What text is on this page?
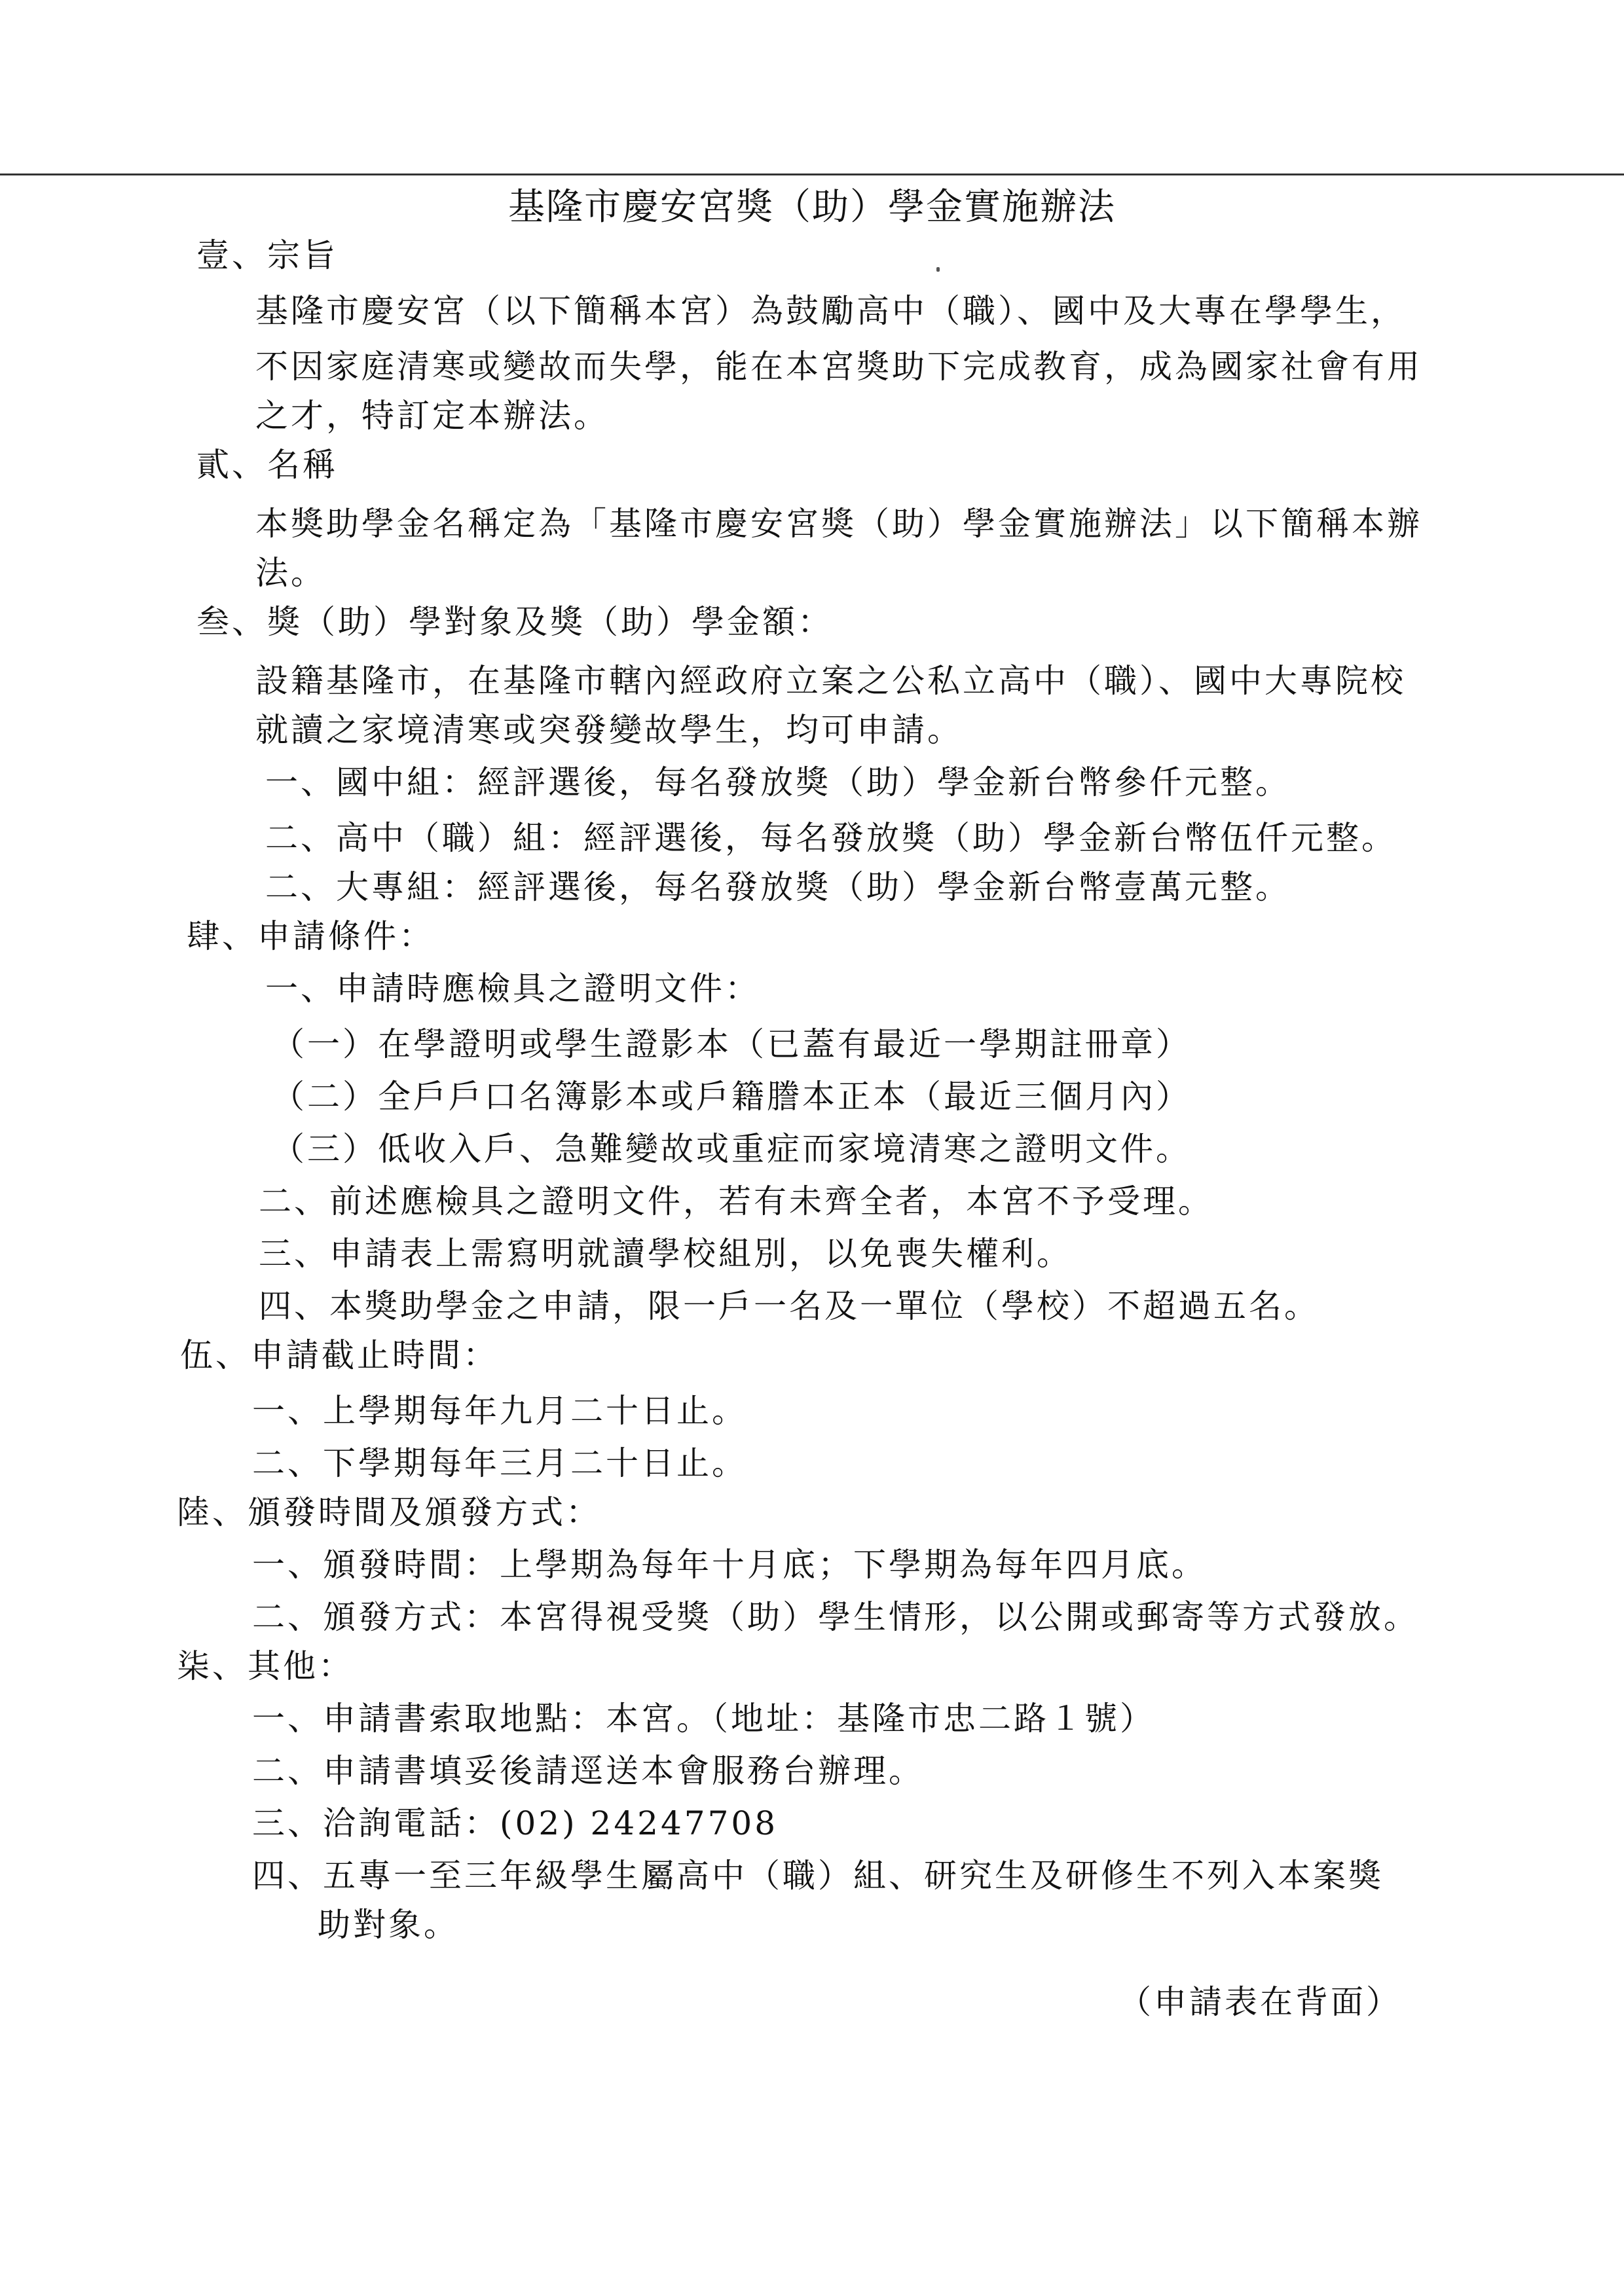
基隆市慶安宮獎（助）學金實施辦法
壹、宗旨
基隆市慶安宮（以下簡稱本宮）為鼓勵高中（職）、國中及大專在學學生，
不因家庭清寒或變故而失學，能在本宮獎助下完成教育，成為國家社會有用
之才，特訂定本辦法。
貳、名稱
本獎助學金名稱定為「基隆市慶安宮獎（助）學金實施辦法」以下簡稱本辦
法。
叁、獎（助）學對象及獎（助）學金額：
設籍基隆市，在基隆市轄內經政府立案之公私立高中（職）、國中大專院校
就讀之家境清寒或突發變故學生，均可申請。
一、國中組：經評選後，每名發放獎（助）學金新台幣參仟元整。
二、高中（職）組：經評選後，每名發放獎（助）學金新台幣伍仟元整。
二、大專組：經評選後，每名發放獎（助）學金新台幣壹萬元整。
肆、申請條件：
一、申請時應檢具之證明文件：
（一）在學證明或學生證影本（已蓋有最近一學期註冊章）
（二）全戶戶口名簿影本或戶籍謄本正本（最近三個月內）
（三）低收入戶、急難變故或重症而家境清寒之證明文件。
二、前述應檢具之證明文件，若有未齊全者，本宮不予受理。
三、申請表上需寫明就讀學校組別，以免喪失權利。
四、本獎助學金之申請，限一戶一名及一單位（學校）不超過五名。
伍、申請截止時間：
一、上學期每年九月二十日止。
二、下學期每年三月二十日止。
陸、頒發時間及頒發方式：
一、頒發時間：上學期為每年十月底；下學期為每年四月底。
二、頒發方式：本宮得視受獎（助）學生情形，以公開或郵寄等方式發放。
柒、其他：
一、申請書索取地點：本宮。（地址：基隆市忠二路１號）
二、申請書填妥後請逕送本會服務台辦理。
三、洽詢電話：(02) 24247708
四、五專一至三年級學生屬高中（職）組、研究生及研修生不列入本案獎
助對象。
（申請表在背面）
